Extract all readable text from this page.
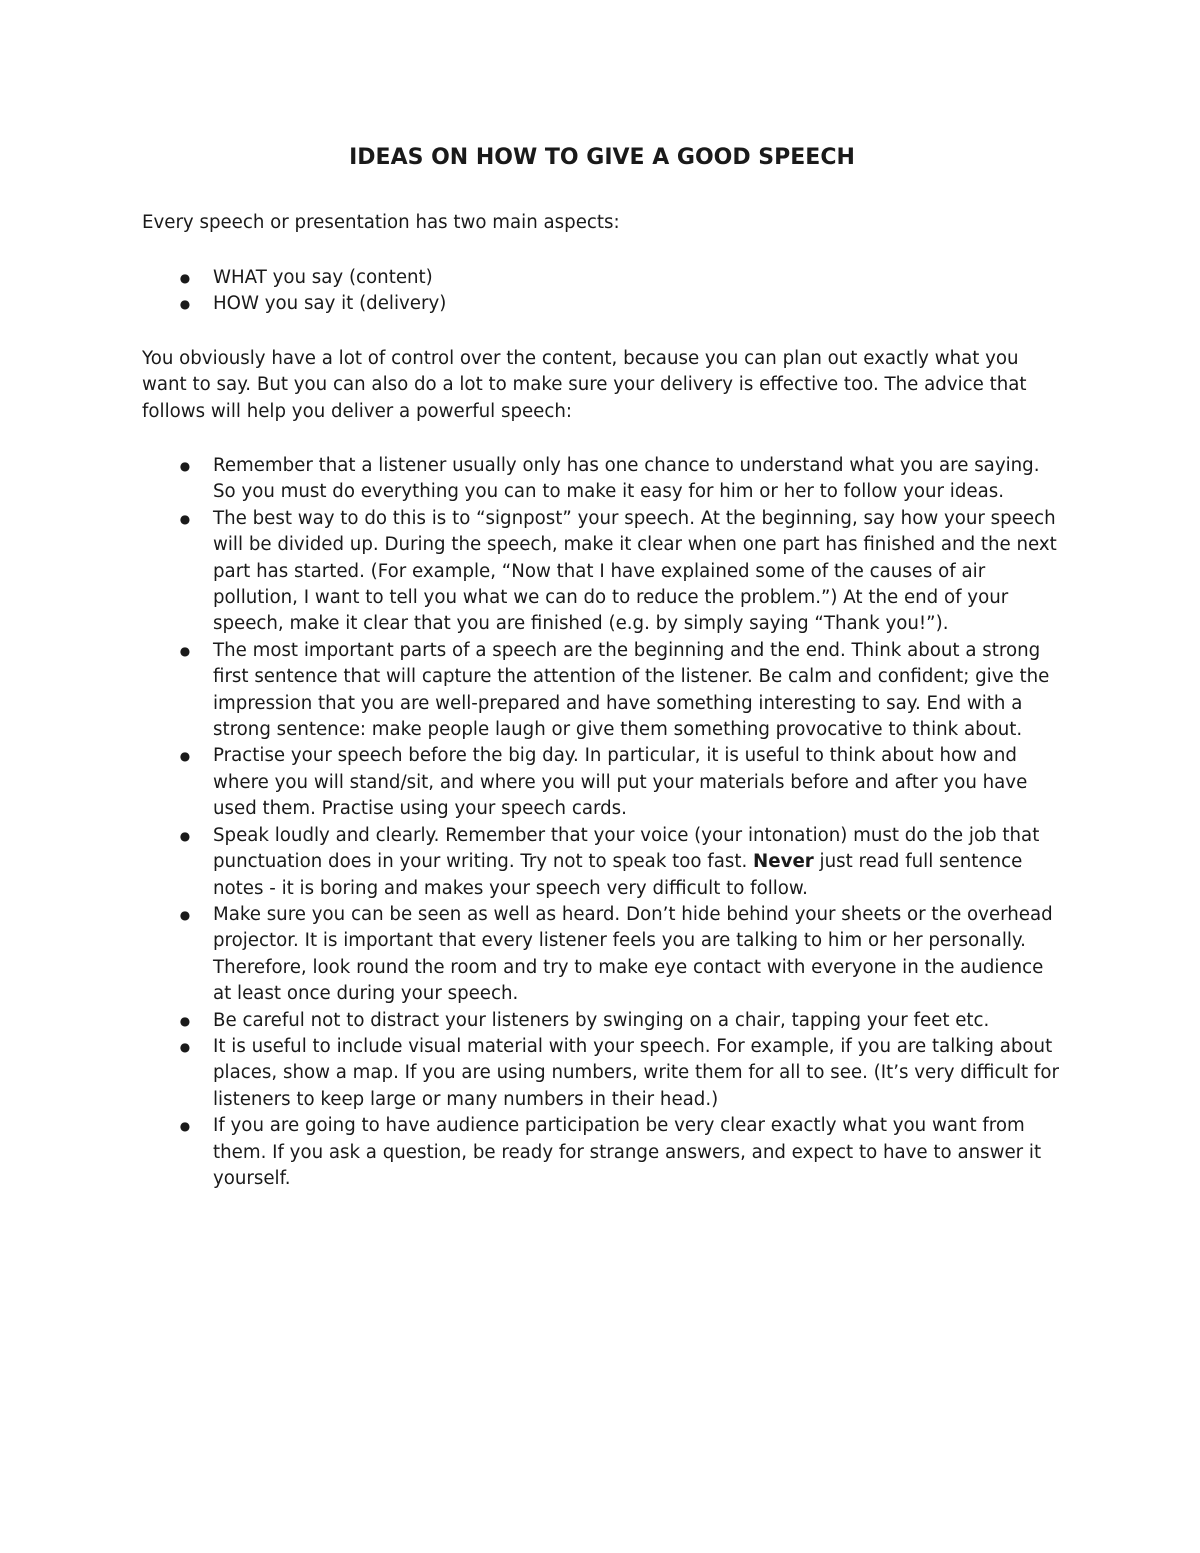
IDEAS ON HOW TO GIVE A GOOD SPEECH

Every speech or presentation has two main aspects:

● WHAT you say (content)
● HOW you say it (delivery)

You obviously have a lot of control over the content, because you can plan out exactly what you want to say. But you can also do a lot to make sure your delivery is effective too. The advice that follows will help you deliver a powerful speech:

● Remember that a listener usually only has one chance to understand what you are saying. So you must do everything you can to make it easy for him or her to follow your ideas.
● The best way to do this is to “signpost” your speech. At the beginning, say how your speech will be divided up. During the speech, make it clear when one part has finished and the next part has started. (For example, “Now that I have explained some of the causes of air pollution, I want to tell you what we can do to reduce the problem.”) At the end of your speech, make it clear that you are finished (e.g. by simply saying “Thank you!”).
● The most important parts of a speech are the beginning and the end. Think about a strong first sentence that will capture the attention of the listener. Be calm and confident; give the impression that you are well-prepared and have something interesting to say. End with a strong sentence: make people laugh or give them something provocative to think about.
● Practise your speech before the big day. In particular, it is useful to think about how and where you will stand/sit, and where you will put your materials before and after you have used them. Practise using your speech cards.
● Speak loudly and clearly. Remember that your voice (your intonation) must do the job that punctuation does in your writing. Try not to speak too fast. Never just read full sentence notes - it is boring and makes your speech very difficult to follow.
● Make sure you can be seen as well as heard. Don’t hide behind your sheets or the overhead projector. It is important that every listener feels you are talking to him or her personally. Therefore, look round the room and try to make eye contact with everyone in the audience at least once during your speech.
● Be careful not to distract your listeners by swinging on a chair, tapping your feet etc.
● It is useful to include visual material with your speech. For example, if you are talking about places, show a map. If you are using numbers, write them for all to see. (It’s very difficult for listeners to keep large or many numbers in their head.)
● If you are going to have audience participation be very clear exactly what you want from them. If you ask a question, be ready for strange answers, and expect to have to answer it yourself.
